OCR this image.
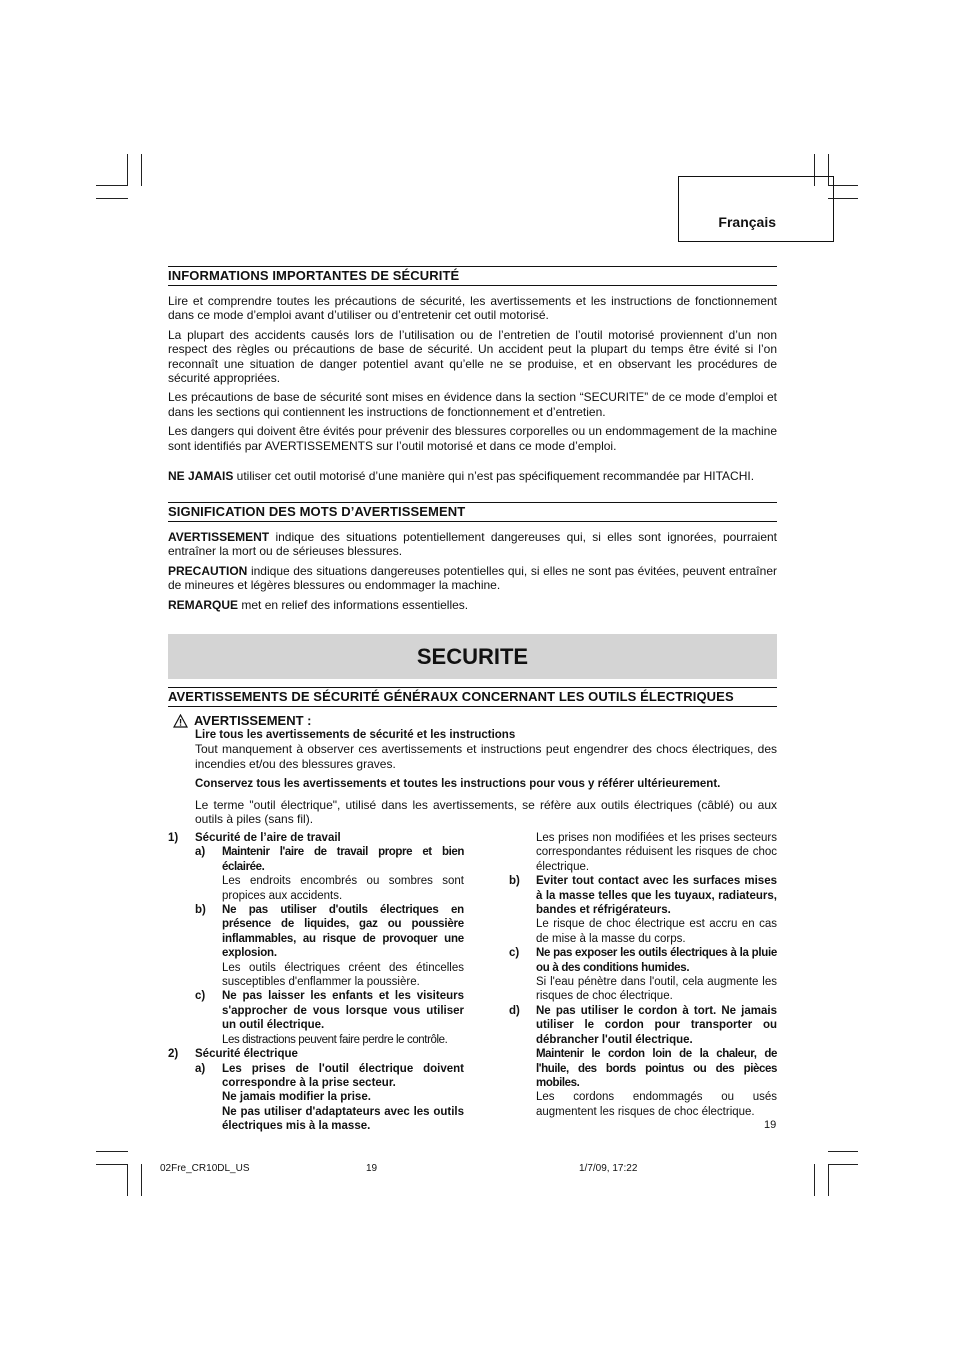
Français
INFORMATIONS IMPORTANTES DE SÉCURITÉ

Lire et comprendre toutes les précautions de sécurité, les avertissements et les instructions de fonctionnement dans ce mode d’emploi avant d’utiliser ou d’entretenir cet outil motorisé.

La plupart des accidents causés lors de l’utilisation ou de l’entretien de l’outil motorisé proviennent d’un non respect des règles ou précautions de base de sécurité. Un accident peut la plupart du temps être évité si l’on reconnaît une situation de danger potentiel avant qu’elle ne se produise, et en observant les procédures de sécurité appropriées.

Les précautions de base de sécurité sont mises en évidence dans la section “SECURITE” de ce mode d’emploi et dans les sections qui contiennent les instructions de fonctionnement et d’entretien.

Les dangers qui doivent être évités pour prévenir des blessures corporelles ou un endommagement de la machine sont identifiés par AVERTISSEMENTS sur l’outil motorisé et dans ce mode d’emploi.

NE JAMAIS utiliser cet outil motorisé d’une manière qui n’est pas spécifiquement recommandée par HITACHI.

SIGNIFICATION DES MOTS D’AVERTISSEMENT

AVERTISSEMENT indique des situations potentiellement dangereuses qui, si elles sont ignorées, pourraient entraîner la mort ou de sérieuses blessures.

PRECAUTION indique des situations dangereuses potentielles qui, si elles ne sont pas évitées, peuvent entraîner de mineures et légères blessures ou endommager la machine.

REMARQUE met en relief des informations essentielles.

SECURITE
AVERTISSEMENTS DE SÉCURITÉ GÉNÉRAUX CONCERNANT LES OUTILS ÉLECTRIQUES
AVERTISSEMENT :

Lire tous les avertissements de sécurité et les instructions

Tout manquement à observer ces avertissements et instructions peut engendrer des chocs électriques, des incendies et/ou des blessures graves.

Conservez tous les avertissements et toutes les instructions pour vous y référer ultérieurement.

Le terme "outil électrique", utilisé dans les avertissements, se réfère aux outils électriques (câblé) ou aux outils à piles (sans fil).

1) Sécurité de l’aire de travail
a) Maintenir l'aire de travail propre et bien éclairée.

Les endroits encombrés ou sombres sont propices aux accidents.

b) Ne pas utiliser d'outils électriques en présence de liquides, gaz ou poussière inflammables, au risque de provoquer une explosion.

Les outils électriques créent des étincelles susceptibles d'enflammer la poussière.

c) Ne pas laisser les enfants et les visiteurs s'approcher de vous lorsque vous utiliser un outil électrique.

Les distractions peuvent faire perdre le contrôle.

2) Sécurité électrique
a) Les prises de l'outil électrique doivent correspondre à la prise secteur.

Ne jamais modifier la prise.

Ne pas utiliser d'adaptateurs avec les outils électriques mis à la masse.

Les prises non modifiées et les prises secteurs correspondantes réduisent les risques de choc électrique.

b) Eviter tout contact avec les surfaces mises à la masse telles que les tuyaux, radiateurs, bandes et réfrigérateurs.

Le risque de choc électrique est accru en cas de mise à la masse du corps.

c) Ne pas exposer les outils électriques à la pluie ou à des conditions humides.

Si l'eau pénètre dans l'outil, cela augmente les risques de choc électrique.

d) Ne pas utiliser le cordon à tort. Ne jamais utiliser le cordon pour transporter ou débrancher l'outil électrique.

Maintenir le cordon loin de la chaleur, de l'huile, des bords pointus ou des pièces mobiles.

Les cordons endommagés ou usés augmentent les risques de choc électrique.

19
02Fre_CR10DL_US	19	1/7/09, 17:22
